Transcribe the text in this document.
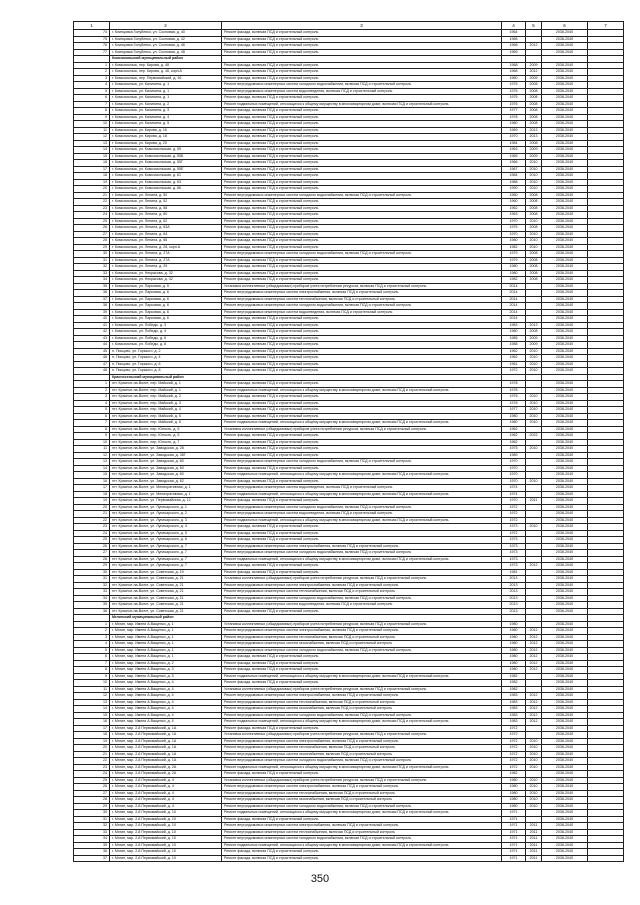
1	2	3	4	5	6	7
74	г. Клинцовка Голубенко, ул. Сосновая, д. 40	Ремонт фасада, включая ПСД и строительный контроль	1964		2038-2040	
75	г. Клинцовка Голубенко, ул. Сосновая, д. 42	Ремонт фасада, включая ПСД и строительный контроль	1965		2038-2040	
76	г. Клинцовка Голубенко, ул. Сосновая, д. 46	Ремонт фасада, включая ПСД и строительный контроль	1968	2012	2038-2040	
77	г. Клинцовка Голубенко, ул. Сосновая, д. 48	Ремонт фасада, включая ПСД и строительный контроль	1969		2038-2040	
	Комсомольский муниципальный район					
1	г. Комсомольск, пер. Кирова, д. 48	Ремонт фасада, включая ПСД и строительный контроль	1968	2009	2038-2040	
2	г. Комсомольск, пер. Кирова, д. 48, корп.А	Ремонт фасада, включая ПСД и строительный контроль	1968	2012	2038-2040	
3	г. Комсомольск, пер. Первомайский, д. 16	Ремонт фасада, включая ПСД и строительный контроль	1960	2009	2038-2040	
4	г. Комсомольск, ул. Калинина, д. 1	Ремонт внутридомовых инженерных систем холодного водоснабжения, включая ПСД и строительный контроль	1975	2008	2038-2040	
5	г. Комсомольск, ул. Калинина, д. 1	Ремонт внутридомовых инженерных систем водоотведения, включая ПСД и строительный контроль	1975	2008	2038-2040	
6	г. Комсомольск, ул. Калинина, д. 1	Ремонт фасада, включая ПСД и строительный контроль	1975	2008	2038-2040	
7	г. Комсомольск, ул. Калинина, д. 2	Ремонт подвальных помещений, относящихся к общему имуществу в многоквартирном доме, включая ПСД и строительный контроль	1976	2008	2038-2040	
8	г. Комсомольск, ул. Калинина, д. 3	Ремонт фасада, включая ПСД и строительный контроль	1977	2008	2038-2040	
9	г. Комсомольск, ул. Калинина, д. 4	Ремонт фасада, включая ПСД и строительный контроль	1978	2008	2038-2040	
10	г. Комсомольск, ул. Калинина, д. 5	Ремонт фасада, включая ПСД и строительный контроль	1980	2008	2038-2040	
11	г. Комсомольск, ул. Кирова, д. 16	Ремонт фасада, включая ПСД и строительный контроль	1969	2013	2038-2040	
12	г. Комсомольск, ул. Кирова, д. 18	Ремонт фасада, включая ПСД и строительный контроль	1970	2013	2038-2040	
13	г. Комсомольск, ул. Кирова, д. 20	Ремонт фасада, включая ПСД и строительный контроль	1984	2008	2038-2040	
14	г. Комсомольск, ул. Комсомольская, д. 55	Ремонт фасада, включая ПСД и строительный контроль	1963	2009	2038-2040	
15	г. Комсомольск, ул. Комсомольская, д. 55Б	Ремонт фасада, включая ПСД и строительный контроль	1965	2009	2038-2040	
16	г. Комсомольск, ул. Комсомольская, д. 55Г	Ремонт фасада, включая ПСД и строительный контроль	1966	2010	2038-2040	
17	г. Комсомольск, ул. Комсомольская, д. 55Е	Ремонт фасада, включая ПСД и строительный контроль	1967	2010	2038-2040	
18	г. Комсомольск, ул. Комсомольская, д. 61	Ремонт фасада, включая ПСД и строительный контроль	1984	2010	2038-2040	
19	г. Комсомольск, ул. Комсомольская, д. 63	Ремонт фасада, включая ПСД и строительный контроль	1988	2010	2038-2040	
20	г. Комсомольск, ул. Комсомольская, д. 66	Ремонт фасада, включая ПСД и строительный контроль	1990	2010	2038-2040	
21	г. Комсомольск, ул. Ленина, д. 50	Ремонт внутридомовых инженерных систем холодного водоснабжения, включая ПСД и строительный контроль	1960	2008	2038-2040	
22	г. Комсомольск, ул. Ленина, д. 52	Ремонт фасада, включая ПСД и строительный контроль	1960	2008	2038-2040	
23	г. Комсомольск, ул. Ленина, д. 58	Ремонт фасада, включая ПСД и строительный контроль	1962	2008	2038-2040	
24	г. Комсомольск, ул. Ленина, д. 60	Ремонт фасада, включая ПСД и строительный контроль	1963	2008	2038-2040	
25	г. Комсомольск, ул. Ленина, д. 62	Ремонт фасада, включая ПСД и строительный контроль	1970	2010	2038-2040	
26	г. Комсомольск, ул. Ленина, д. 63А	Ремонт фасада, включая ПСД и строительный контроль	1975	2008	2038-2040	
27	г. Комсомольск, ул. Ленина, д. 64	Ремонт фасада, включая ПСД и строительный контроль	1970	2010	2038-2040	
28	г. Комсомольск, ул. Ленина, д. 66	Ремонт фасада, включая ПСД и строительный контроль	1980	2010	2038-2040	
29	г. Комсомольск, ул. Ленина, д. 26, корп.А	Ремонт фасада, включая ПСД и строительный контроль	1982	2010	2038-2040	
30	г. Комсомольск, ул. Ленина, д. 27А	Ремонт внутридомовых инженерных систем холодного водоснабжения, включая ПСД и строительный контроль	1979	2008	2038-2040	
31	г. Комсомольск, ул. Ленина, д. 27А	Ремонт фасада, включая ПСД и строительный контроль	1979	2008	2038-2040	
32	г. Комсомольск, ул. Ленина, д. 29	Ремонт фасада, включая ПСД и строительный контроль	1980	2008	2038-2040	
33	г. Комсомольск, ул. Некрасова, д. 32	Ремонт фасада, включая ПСД и строительный контроль	1980	2008	2038-2040	
34	г. Комсомольск, ул. Некрасова, д. 42	Ремонт фасада, включая ПСД и строительный контроль	1982	2008	2038-2040	
35	г. Комсомольск, ул. Парковая, д. 5	Установка коллективных (общедомовых) приборов учета потребления ресурсов, включая ПСД и строительный контроль	2014		2038-2040	
36	г. Комсомольск, ул. Парковая, д. 6	Ремонт внутридомовых инженерных систем электроснабжения, включая ПСД и строительный контроль	2014		2038-2040	
37	г. Комсомольск, ул. Парковая, д. 6	Ремонт внутридомовых инженерных систем теплоснабжения, включая ПСД и строительный контроль	2014		2038-2040	
38	г. Комсомольск, ул. Парковая, д. 6	Ремонт внутридомовых инженерных систем холодного водоснабжения, включая ПСД и строительный контроль	2014		2038-2040	
39	г. Комсомольск, ул. Парковая, д. 6	Ремонт внутридомовых инженерных систем водоотведения, включая ПСД и строительный контроль	2014		2038-2040	
40	г. Комсомольск, ул. Парковая, д. 6	Ремонт фасада, включая ПСД и строительный контроль	2014		2038-2040	
41	г. Комсомольск, ул. Победы, д. 3	Ремонт фасада, включая ПСД и строительный контроль	1983	2013	2038-2040	
42	г. Комсомольск, ул. Победы, д. 4	Ремонт фасада, включая ПСД и строительный контроль	1980	2008	2038-2040	
43	г. Комсомольск, ул. Победы, д. 6	Ремонт фасада, включая ПСД и строительный контроль	1985	2009	2038-2040	
44	г. Комсомольск, ул. Победы, д. 8	Ремонт фасада, включая ПСД и строительный контроль	1988	2009	2038-2040	
45	п. Писцово, ул. Горького, д. 2	Ремонт фасада, включая ПСД и строительный контроль	1962	2010	2038-2040	
46	п. Писцово, ул. Горького, д. 4	Ремонт фасада, включая ПСД и строительный контроль	1962	2010	2038-2040	
47	п. Писцово, ул. Горького, д. 6	Ремонт фасада, включая ПСД и строительный контроль	1961	2010	2038-2040	
48	п. Писцово, ул. Горького, д. 8	Ремонт фасада, включая ПСД и строительный контроль	1972	2010	2038-2040	
	Красносельский муниципальный район					
1	пгт. Красное-на-Волге, пер. Майский, д. 1	Ремонт фасада, включая ПСД и строительный контроль	1978		2038-2040	
2	пгт. Красное-на-Волге, пер. Майский, д. 1	Ремонт подвальных помещений, относящихся к общему имуществу в многоквартирном доме, включая ПСД и строительный контроль	1978		2038-2040	
3	пгт. Красное-на-Волге, пер. Майский, д. 2	Ремонт фасада, включая ПСД и строительный контроль	1976	2010	2038-2040	
4	пгт. Красное-на-Волге, пер. Майский, д. 3	Ремонт фасада, включая ПСД и строительный контроль	1978	2010	2038-2040	
5	пгт. Красное-на-Волге, пер. Майский, д. 4	Ремонт фасада, включая ПСД и строительный контроль	1977	2010	2038-2040	
6	пгт. Красное-на-Волге, пер. Майский, д. 5	Ремонт фасада, включая ПСД и строительный контроль	1980	2010	2038-2040	
7	пгт. Красное-на-Волге, пер. Майский, д. 6	Ремонт подвальных помещений, относящихся к общему имуществу в многоквартирном доме, включая ПСД и строительный контроль	1980	2010	2038-2040	
8	пгт. Красное-на-Волге, пер. Юность, д. 5	Установка коллективных (общедомовых) приборов учета потребления ресурсов, включая ПСД и строительный контроль	1962		2038-2040	
9	пгт. Красное-на-Волге, пер. Юность, д. 5	Ремонт фасада, включая ПСД и строительный контроль	1962	2022	2038-2040	
10	пгт. Красное-на-Волге, пер. Юность, д. 7	Ремонт фасада, включая ПСД и строительный контроль	1962		2038-2040	
11	пгт. Красное-на-Волге, ул. Заводская, д. 28	Ремонт фасада, включая ПСД и строительный контроль	1975	2010	2038-2040	
12	пгт. Красное-на-Волге, ул. Заводская, д. 38Г	Ремонт фасада, включая ПСД и строительный контроль	1989		2038-2040	
13	пгт. Красное-на-Волге, ул. Заводская, д. 60	Ремонт внутридомовых инженерных систем холодного водоснабжения, включая ПСД и строительный контроль	1970		2038-2040	
14	пгт. Красное-на-Волге, ул. Заводская, д. 60	Ремонт фасада, включая ПСД и строительный контроль	1970		2038-2040	
15	пгт. Красное-на-Волге, ул. Заводская, д. 60	Ремонт подвальных помещений, относящихся к общему имуществу в многоквартирном доме, включая ПСД и строительный контроль	1970		2038-2040	
16	пгт. Красное-на-Волге, ул. Заводская, д. 62	Ремонт фасада, включая ПСД и строительный контроль	1970	2010	2038-2040	
17	пгт. Красное-на-Волге, ул. Мелиоративная, д. 1	Ремонт внутридомовых инженерных систем водоотведения, включая ПСД и строительный контроль	1974		2038-2040	
18	пгт. Красное-на-Волге, ул. Мелиоративная, д. 1	Ремонт подвальных помещений, относящихся к общему имуществу в многоквартирном доме, включая ПСД и строительный контроль	1974		2038-2040	
19	пгт. Красное-на-Волге, ул. Первомайская, д. 12	Ремонт фасада, включая ПСД и строительный контроль	1970	2011	2038-2040	
20	пгт. Красное-на-Волге, ул. Луначарского, д. 1	Ремонт внутридомовых инженерных систем холодного водоснабжения, включая ПСД и строительный контроль	1972		2038-2040	
21	пгт. Красное-на-Волге, ул. Луначарского, д. 2	Ремонт внутридомовых инженерных систем водоотведения, включая ПСД и строительный контроль	1972		2038-2040	
22	пгт. Красное-на-Волге, ул. Луначарского, д. 3	Ремонт подвальных помещений, относящихся к общему имуществу в многоквартирном доме, включая ПСД и строительный контроль	1972		2038-2040	
23	пгт. Красное-на-Волге, ул. Луначарского, д. 4	Ремонт фасада, включая ПСД и строительный контроль	1973	2010	2038-2040	
24	пгт. Красное-на-Волге, ул. Луначарского, д. 5	Ремонт фасада, включая ПСД и строительный контроль	1972		2038-2040	
25	пгт. Красное-на-Волге, ул. Луначарского, д. 6	Ремонт фасада, включая ПСД и строительный контроль	1973		2038-2040	
26	пгт. Красное-на-Волге, ул. Луначарского, д. 7	Ремонт внутридомовых инженерных систем электроснабжения, включая ПСД и строительный контроль	1973		2038-2040	
27	пгт. Красное-на-Волге, ул. Луначарского, д. 7	Ремонт внутридомовых инженерных систем холодного водоснабжения, включая ПСД и строительный контроль	1973		2038-2040	
28	пгт. Красное-на-Волге, ул. Луначарского, д. 7	Ремонт подвальных помещений, относящихся к общему имуществу в многоквартирном доме, включая ПСД и строительный контроль	1973		2038-2040	
29	пгт. Красное-на-Волге, ул. Луначарского, д. 7	Ремонт фасада, включая ПСД и строительный контроль	1973	2012	2038-2040	
30	пгт. Красное-на-Волге, ул. Советская, д. 19	Ремонт фасада, включая ПСД и строительный контроль	1981		2038-2040	
31	пгт. Красное-на-Волге, ул. Советская, д. 21	Установка коллективных (общедомовых) приборов учета потребления ресурсов, включая ПСД и строительный контроль	2013		2038-2040	
32	пгт. Красное-на-Волге, ул. Советская, д. 21	Ремонт внутридомовых инженерных систем электроснабжения, включая ПСД и строительный контроль	2013		2038-2040	
33	пгт. Красное-на-Волге, ул. Советская, д. 21	Ремонт внутридомовых инженерных систем теплоснабжения, включая ПСД и строительный контроль	2013		2038-2040	
34	пгт. Красное-на-Волге, ул. Советская, д. 21	Ремонт внутридомовых инженерных систем холодного водоснабжения, включая ПСД и строительный контроль	2013		2038-2040	
35	пгт. Красное-на-Волге, ул. Советская, д. 21	Ремонт внутридомовых инженерных систем водоотведения, включая ПСД и строительный контроль	2013		2038-2040	
36	пгт. Красное-на-Волге, ул. Советская, д. 21	Ремонт фасада, включая ПСД и строительный контроль	2013		2038-2040	
	Мглинский муниципальный район					
1	г. Мглин, мкр. Имени А.Ващенко, д. 1	Установка коллективных (общедомовых) приборов учета потребления ресурсов, включая ПСД и строительный контроль	1980		2038-2040	
2	г. Мглин, мкр. Имени А.Ващенко, д. 1	Ремонт внутридомовых инженерных систем электроснабжения, включая ПСД и строительный контроль	1980	2012	2038-2040	
3	г. Мглин, мкр. Имени А.Ващенко, д. 1	Ремонт внутридомовых инженерных систем теплоснабжения, включая ПСД и строительный контроль	1980	2012	2038-2040	
4	г. Мглин, мкр. Имени А.Ващенко, д. 1	Ремонт внутридомовых инженерных систем газоснабжения, включая ПСД и строительный контроль	1980	2012	2038-2040	
5	г. Мглин, мкр. Имени А.Ващенко, д. 1	Ремонт внутридомовых инженерных систем холодного водоснабжения, включая ПСД и строительный контроль	1980	2012	2038-2040	
6	г. Мглин, мкр. Имени А.Ващенко, д. 1	Ремонт фасада, включая ПСД и строительный контроль	1980	2012	2038-2040	
7	г. Мглин, мкр. Имени А.Ващенко, д. 2	Ремонт фасада, включая ПСД и строительный контроль	1980	2012	2038-2040	
8	г. Мглин, мкр. Имени А.Ващенко, д. 3	Ремонт фасада, включая ПСД и строительный контроль	1980	2012	2038-2040	
9	г. Мглин, мкр. Имени А.Ващенко, д. 3	Ремонт подвальных помещений, относящихся к общему имуществу в многоквартирном доме, включая ПСД и строительный контроль	1982		2038-2040	
10	г. Мглин, мкр. Имени А.Ващенко, д. 4	Ремонт фасада, включая ПСД и строительный контроль	1982		2038-2040	
11	г. Мглин, мкр. Имени А.Ващенко, д. 4	Установка коллективных (общедомовых) приборов учета потребления ресурсов, включая ПСД и строительный контроль	1982		2038-2040	
12	г. Мглин, мкр. Имени А.Ващенко, д. 4	Ремонт внутридомовых инженерных систем электроснабжения, включая ПСД и строительный контроль	1983	2012	2038-2040	
13	г. Мглин, мкр. Имени А.Ващенко, д. 4	Ремонт внутридомовых инженерных систем теплоснабжения, включая ПСД и строительный контроль	1983	2012	2038-2040	
14	г. Мглин, мкр. Имени А.Ващенко, д. 4	Ремонт внутридомовых инженерных систем газоснабжения, включая ПСД и строительный контроль	1983	2012	2038-2040	
15	г. Мглин, мкр. Имени А.Ващенко, д. 4	Ремонт внутридомовых инженерных систем холодного водоснабжения, включая ПСД и строительный контроль	1983	2012	2038-2040	
16	г. Мглин, мкр. Имени А.Ващенко, д. 4	Ремонт подвальных помещений, относящихся к общему имуществу в многоквартирном доме, включая ПСД и строительный контроль	1983	2012	2038-2040	
17	г. Мглин, мкр. 2-й Первомайский, д. 1А	Ремонт фасада, включая ПСД и строительный контроль	1972		2038-2040	
18	г. Мглин, мкр. 2-й Первомайский, д. 1А	Установка коллективных (общедомовых) приборов учета потребления ресурсов, включая ПСД и строительный контроль	1972		2038-2040	
19	г. Мглин, мкр. 2-й Первомайский, д. 1А	Ремонт внутридомовых инженерных систем электроснабжения, включая ПСД и строительный контроль	1972	2010	2038-2040	
20	г. Мглин, мкр. 2-й Первомайский, д. 1А	Ремонт внутридомовых инженерных систем теплоснабжения, включая ПСД и строительный контроль	1972	2010	2038-2040	
21	г. Мглин, мкр. 2-й Первомайский, д. 1А	Ремонт внутридомовых инженерных систем газоснабжения, включая ПСД и строительный контроль	1972	2010	2038-2040	
22	г. Мглин, мкр. 2-й Первомайский, д. 1А	Ремонт внутридомовых инженерных систем холодного водоснабжения, включая ПСД и строительный контроль	1972	2010	2038-2040	
23	г. Мглин, мкр. 2-й Первомайский, д. 2А	Ремонт подвальных помещений, относящихся к общему имуществу в многоквартирном доме, включая ПСД и строительный контроль	1972	2010	2038-2040	
24	г. Мглин, мкр. 2-й Первомайский, д. 2А	Ремонт фасада, включая ПСД и строительный контроль	1982		2038-2040	
25	г. Мглин, мкр. 2-й Первомайский, д. 4	Установка коллективных (общедомовых) приборов учета потребления ресурсов, включая ПСД и строительный контроль	1980	2010	2038-2040	
26	г. Мглин, мкр. 2-й Первомайский, д. 4	Ремонт внутридомовых инженерных систем электроснабжения, включая ПСД и строительный контроль	1980	2010	2038-2040	
27	г. Мглин, мкр. 2-й Первомайский, д. 4	Ремонт внутридомовых инженерных систем теплоснабжения, включая ПСД и строительный контроль	1980	2010	2038-2040	
28	г. Мглин, мкр. 2-й Первомайский, д. 4	Ремонт внутридомовых инженерных систем газоснабжения, включая ПСД и строительный контроль	1980	2010	2038-2040	
29	г. Мглин, мкр. 2-й Первомайский, д. 4	Ремонт внутридомовых инженерных систем холодного водоснабжения, включая ПСД и строительный контроль	1980	2010	2038-2040	
30	г. Мглин, мкр. 2-й Первомайский, д. 10	Ремонт подвальных помещений, относящихся к общему имуществу в многоквартирном доме, включая ПСД и строительный контроль	1971		2038-2040	
31	г. Мглин, мкр. 2-й Первомайский, д. 10	Ремонт фасада, включая ПСД и строительный контроль	1971		2038-2040	
32	г. Мглин, мкр. 2-й Первомайский, д. 10	Ремонт внутридомовых инженерных систем электроснабжения, включая ПСД и строительный контроль	1971	2011	2038-2040	
33	г. Мглин, мкр. 2-й Первомайский, д. 10	Ремонт внутридомовых инженерных систем теплоснабжения, включая ПСД и строительный контроль	1971	2011	2038-2040	
34	г. Мглин, мкр. 2-й Первомайский, д. 10	Ремонт внутридомовых инженерных систем холодного водоснабжения, включая ПСД и строительный контроль	1971	2011	2038-2040	
35	г. Мглин, мкр. 2-й Первомайский, д. 10	Ремонт подвальных помещений, относящихся к общему имуществу в многоквартирном доме, включая ПСД и строительный контроль	1971	2011	2038-2040	
36	г. Мглин, мкр. 2-й Первомайский, д. 10	Ремонт фасада, включая ПСД и строительный контроль	1971	2011	2038-2040	
37	г. Мглин, мкр. 2-й Первомайский, д. 10	Ремонт фасада, включая ПСД и строительный контроль	1971	2011	2038-2040	
350
